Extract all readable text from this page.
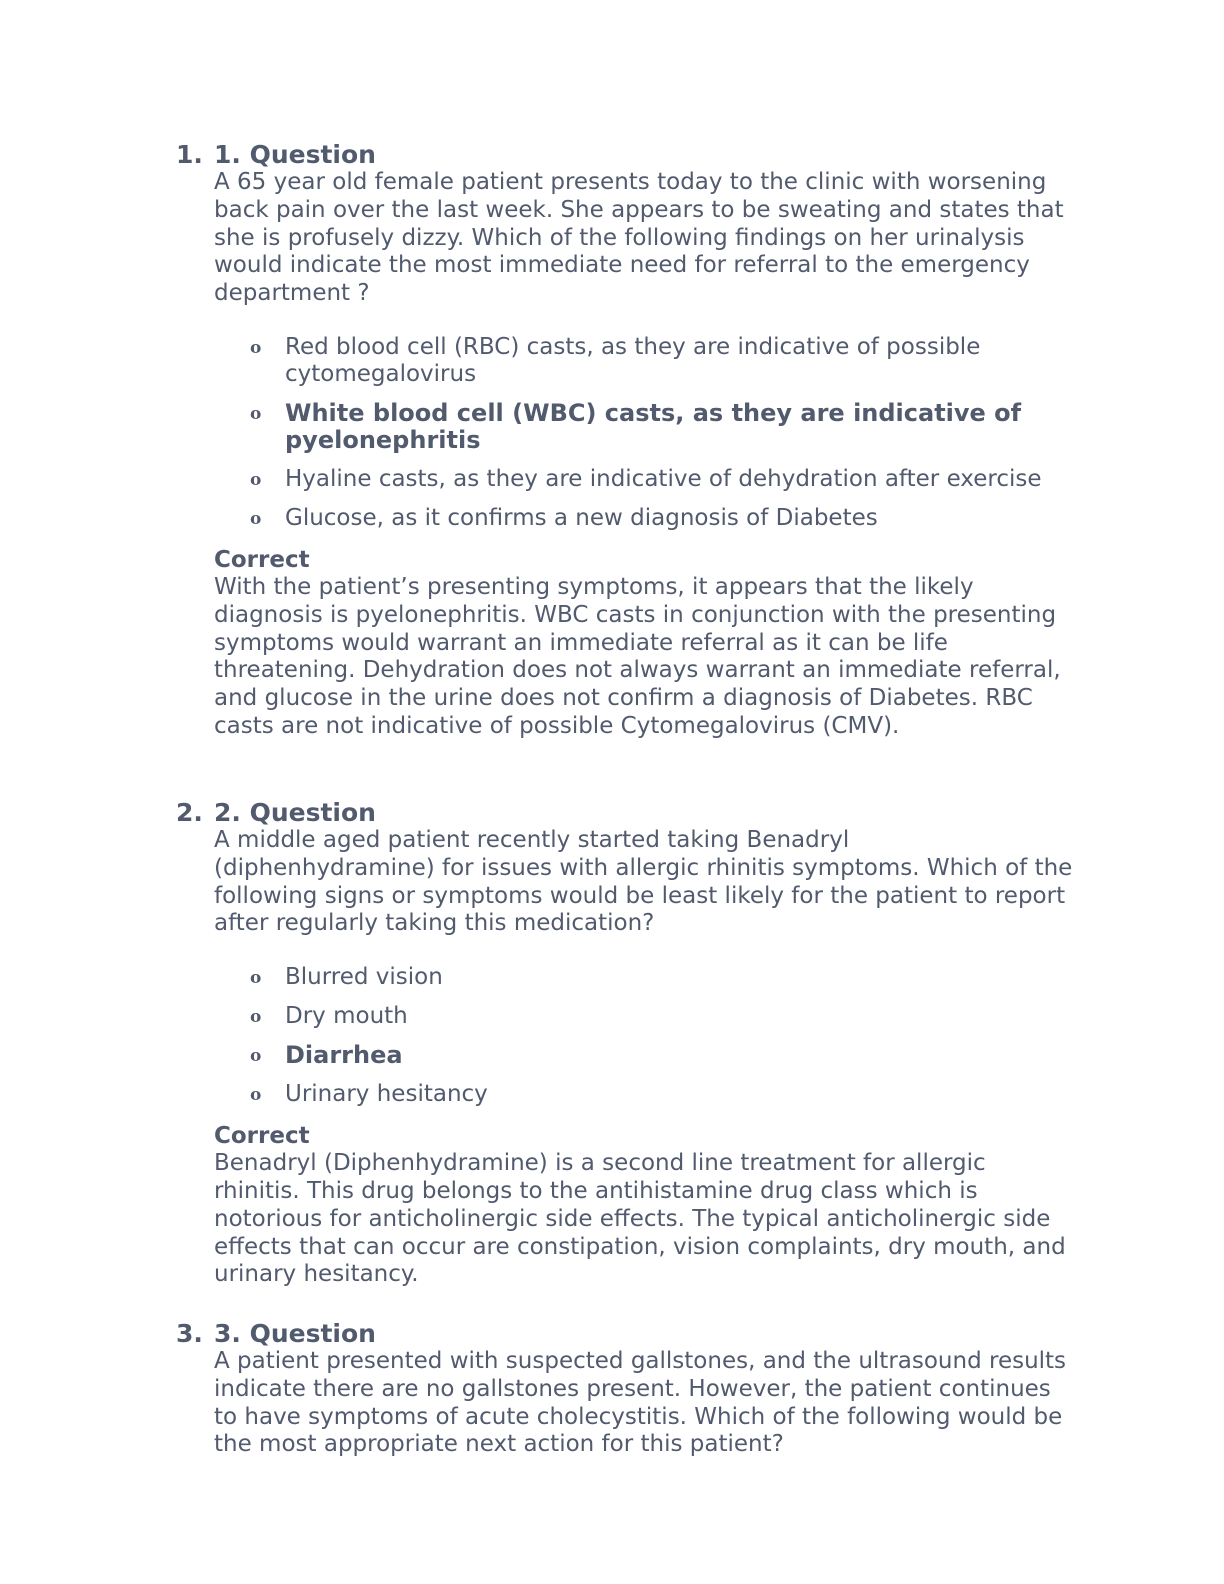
1. 1. Question

A 65 year old female patient presents today to the clinic with worsening back pain over the last week. She appears to be sweating and states that she is profusely dizzy. Which of the following findings on her urinalysis would indicate the most immediate need for referral to the emergency department ?

o Red blood cell (RBC) casts, as they are indicative of possible cytomegalovirus
o White blood cell (WBC) casts, as they are indicative of pyelonephritis
o Hyaline casts, as they are indicative of dehydration after exercise
o Glucose, as it confirms a new diagnosis of Diabetes
Correct

With the patient’s presenting symptoms, it appears that the likely diagnosis is pyelonephritis. WBC casts in conjunction with the presenting symptoms would warrant an immediate referral as it can be life threatening. Dehydration does not always warrant an immediate referral, and glucose in the urine does not confirm a diagnosis of Diabetes. RBC casts are not indicative of possible Cytomegalovirus (CMV).

2. 2. Question

A middle aged patient recently started taking Benadryl (diphenhydramine) for issues with allergic rhinitis symptoms. Which of the following signs or symptoms would be least likely for the patient to report after regularly taking this medication?

o Blurred vision
o Dry mouth
o Diarrhea
o Urinary hesitancy
Correct

Benadryl (Diphenhydramine) is a second line treatment for allergic rhinitis. This drug belongs to the antihistamine drug class which is notorious for anticholinergic side effects. The typical anticholinergic side effects that can occur are constipation, vision complaints, dry mouth, and urinary hesitancy.

3. 3. Question

A patient presented with suspected gallstones, and the ultrasound results indicate there are no gallstones present. However, the patient continues to have symptoms of acute cholecystitis. Which of the following would be the most appropriate next action for this patient?
